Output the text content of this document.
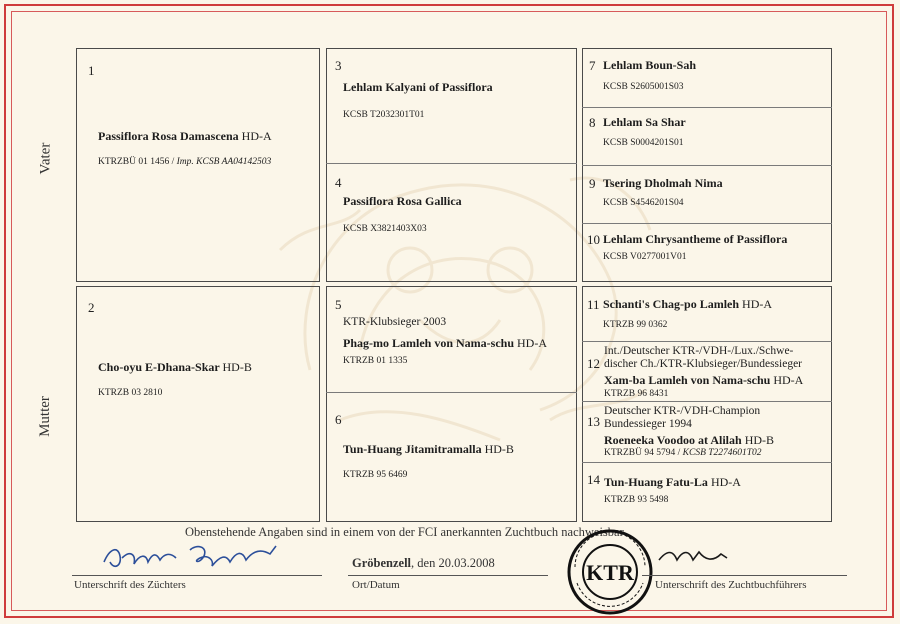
Vater
Mutter
1
Passiflora Rosa Damascena HD-A
KTRZBÜ 01 1456 / Imp. KCSB AA04142503
2
Cho-oyu E-Dhana-Skar HD-B
KTRZB 03 2810
3
Lehlam Kalyani of Passiflora
KCSB T2032301T01
4
Passiflora Rosa Gallica
KCSB X3821403X03
5
KTR-Klubsieger 2003
Phag-mo Lamleh von Nama-schu HD-A
KTRZB 01 1335
6
Tun-Huang Jitamitramalla HD-B
KTRZB 95 6469
7 Lehlam Boun-Sah
KCSB S2605001S03
8 Lehlam Sa Shar
KCSB S0004201S01
9 Tsering Dholmah Nima
KCSB S4546201S04
10 Lehlam Chrysantheme of Passiflora
KCSB V0277001V01
11 Schanti's Chag-po Lamleh HD-A
KTRZB 99 0362
12
Int./Deutscher KTR-/VDH-/Lux./Schwe-
discher Ch./KTR-Klubsieger/Bundessieger
Xam-ba Lamleh von Nama-schu HD-A
KTRZB 96 8431
13
Deutscher KTR-/VDH-Champion
Bundessieger 1994
Roeneeka Voodoo at Alilah HD-B
KTRZBÜ 94 5794 / KCSB T2274601T02
14 Tun-Huang Fatu-La HD-A
KTRZB 93 5498
Obenstehende Angaben sind in einem von der FCI anerkannten Zuchtbuch nachweisbar
Unterschrift des Züchters
Gröbenzell, den 20.03.2008
Ort/Datum	KTR Unterschrift des Zuchtbuchführers
